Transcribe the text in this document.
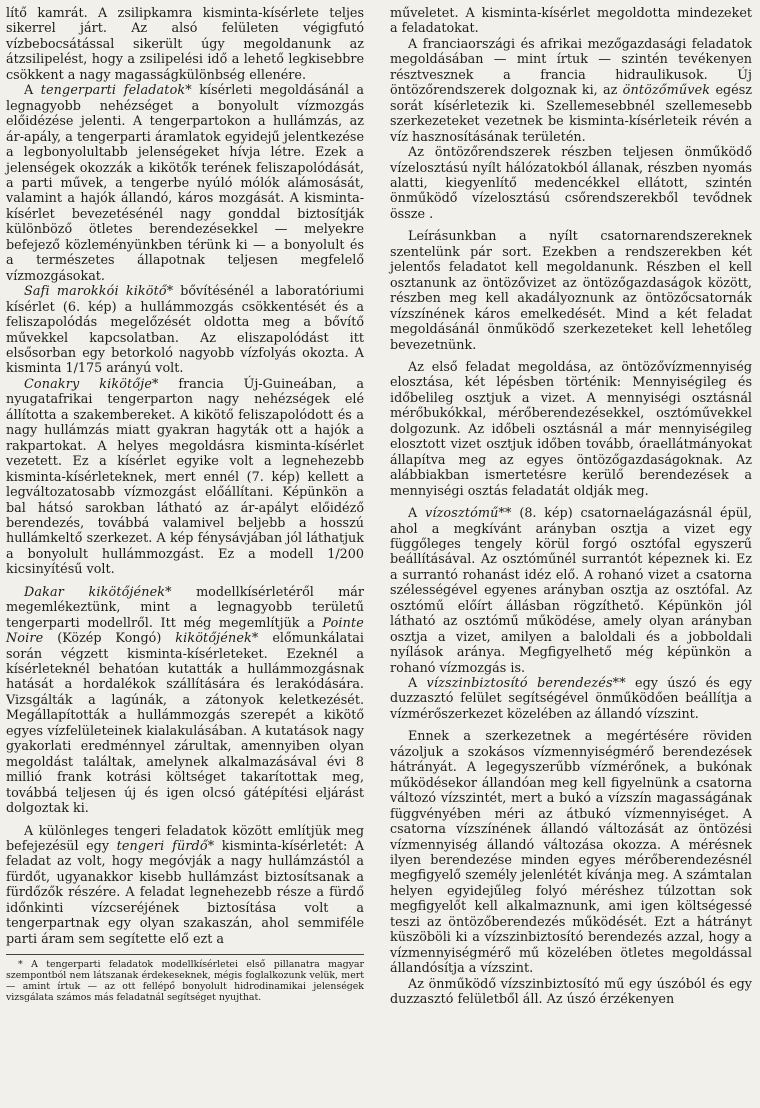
lítő kamrát. A zsilipkamra kisminta-kísérlete teljes sikerrel járt. Az alsó felületen végigfutó vízbebocsátással sikerült úgy megoldanunk az átzsilipelést, hogy a zsilipelési idő a lehető legkisebbre csökkent a nagy magasságkülönbség ellenére.

A tengerparti feladatok* kísérleti megoldásánál a legnagyobb nehézséget a bonyolult vízmozgás előidézése jelenti. A tengerpartokon a hullámzás, az ár-apály, a tengerparti áramlatok egyidejű jelentkezése a legbonyolultabb jelenségeket hívja létre. Ezek a jelenségek okozzák a kikötők terének feliszapolódását, a parti művek, a tengerbe nyúló mólók alámosását, valamint a hajók állandó, káros mozgását. A kisminta-kísérlet bevezetésénél nagy gonddal biztosítják különböző ötletes berendezésekkel — melyekre befejező közleményünkben térünk ki — a bonyolult és a természetes állapotnak teljesen megfelelő vízmozgásokat.

Safi marokkói kikötő* bővítésénél a laboratóriumi kísérlet (6. kép) a hullámmozgás csökkentését és a feliszapolódás megelőzését oldotta meg a bővítő művekkel kapcsolatban. Az eliszapolódást itt elsősorban egy betorkoló nagyobb vízfolyás okozta. A kisminta 1/175 arányú volt.

Conakry kikötője* francia Új-Guineában, a nyugatafrikai tengerparton nagy nehézségek elé állította a szakembereket. A kikötő feliszapolódott és a nagy hullámzás miatt gyakran hagyták ott a hajók a rakpartokat. A helyes megoldásra kisminta-kísérlet vezetett. Ez a kísérlet egyike volt a legnehezebb kisminta-kísérleteknek, mert ennél (7. kép) kellett a legváltozatosabb vízmozgást előállítani. Képünkön a bal hátsó sarokban látható az ár-apályt előidéző berendezés, továbbá valamivel beljebb a hosszú hullámkeltő szerkezet. A kép fénysávjában jól láthatjuk a bonyolult hullámmozgást. Ez a modell 1/200 kicsinyítésű volt.

Dakar kikötőjének* modellkísérletéről már megemlékeztünk, mint a legnagyobb területű tengerparti modellről. Itt még megemlítjük a Pointe Noire (Közép Kongó) kikötőjének* előmunkálatai során végzett kisminta-kísérleteket. Ezeknél a kísérleteknél behatóan kutatták a hullámmozgásnak hatását a hordalékok szállítására és lerakódására. Vizsgálták a lagúnák, a zátonyok keletkezését. Megállapították a hullámmozgás szerepét a kikötő egyes vízfelületeinek kialakulásában. A kutatások nagy gyakorlati eredménnyel zárultak, amennyiben olyan megoldást találtak, amelynek alkalmazásával évi 8 millió frank kotrási költséget takarítottak meg, továbbá teljesen új és igen olcsó gátépítési eljárást dolgoztak ki.

A különleges tengeri feladatok között említjük meg befejezésül egy tengeri fürdő* kisminta-kísérletét: A feladat az volt, hogy megóvják a nagy hullámzástól a fürdőt, ugyanakkor kisebb hullámzást biztosítsanak a fürdőzők részére. A feladat legnehezebb része a fürdő időnkinti vízcseréjének biztosítása volt a tengerpartnak egy olyan szakaszán, ahol semmiféle parti áram sem segítette elő ezt a

* A tengerparti feladatok modellkísérletei első pillanatra magyar szempontból nem látszanak érdekeseknek, mégis foglalkozunk velük, mert — amint írtuk — az ott fellépő bonyolult hidrodinamikai jelenségek vizsgálata számos más feladatnál segítséget nyujthat.

műveletet. A kisminta-kísérlet megoldotta mindezeket a feladatokat.

A franciaországi és afrikai mezőgazdasági feladatok megoldásában — mint írtuk — szintén tevékenyen résztvesznek a francia hidraulikusok. Új öntözőrendszerek dolgoznak ki, az öntözőművek egész sorát kísérletezik ki. Szellemesebbnél szellemesebb szerkezeteket vezetnek be kisminta-kísérleteik révén a víz hasznosításának területén.

Az öntözőrendszerek részben teljesen önműködő vízelosztású nyílt hálózatokból állanak, részben nyomás alatti, kiegyenlítő medencékkel ellátott, szintén önműködő vízelosztású csőrendszerekből tevődnek össze .

Leírásunkban a nyílt csatornarendszereknek szentelünk pár sort. Ezekben a rendszerekben két jelentős feladatot kell megoldanunk. Részben el kell osztanunk az öntözővizet az öntözőgazdaságok között, részben meg kell akadályoznunk az öntözőcsatornák vízszínének káros emelkedését. Mind a két feladat megoldásánál önműködő szerkezeteket kell lehetőleg bevezetnünk.

Az első feladat megoldása, az öntözővízmennyiség elosztása, két lépésben történik: Mennyiségileg és időbelileg osztjuk a vizet. A mennyiségi osztásnál mérőbukókkal, mérőberendezésekkel, osztóművekkel dolgozunk. Az időbeli osztásnál a már mennyiségileg elosztott vizet osztjuk időben tovább, óraellátmányokat állapítva meg az egyes öntözőgazdaságoknak. Az alábbiakban ismertetésre kerülő berendezések a mennyiségi osztás feladatát oldják meg.

A vízosztómű** (8. kép) csatornaelágazásnál épül, ahol a megkívánt arányban osztja a vizet egy függőleges tengely körül forgó osztófal egyszerű beállításával. Az osztóműnél surrantót képeznek ki. Ez a surrantó rohanást idéz elő. A rohanó vizet a csatorna szélességével egyenes arányban osztja az osztófal. Az osztómű előírt állásban rögzíthető. Képünkön jól látható az osztómű működése, amely olyan arányban osztja a vizet, amilyen a baloldali és a jobboldali nyílások aránya. Megfigyelhető még képünkön a rohanó vízmozgás is.

A vízszinbiztosító berendezés** egy úszó és egy duzzasztó felület segítségével önműködően beállítja a vízmérőszerkezet közelében az állandó vízszint.

Ennek a szerkezetnek a megértésére röviden vázoljuk a szokásos vízmennyiségmérő berendezések hátrányát. A legegyszerűbb vízmérőnek, a bukónak működésekor állandóan meg kell figyelnünk a csatorna változó vízszintét, mert a bukó a vízszín magasságának függvényében méri az átbukó vízmennyiséget. A csatorna vízszínének állandó változását az öntözési vízmennyiség állandó változása okozza. A mérésnek ilyen berendezése minden egyes mérőberendezésnél megfigyelő személy jelenlétét kívánja meg. A számtalan helyen egyidejűleg folyó méréshez túlzottan sok megfigyelőt kell alkalmaznunk, ami igen költségessé teszi az öntözőberendezés működését. Ezt a hátrányt küszöböli ki a vízszinbiztosító berendezés azzal, hogy a vízmennyiségmérő mű közelében ötletes megoldással állandósítja a vízszint.

Az önműködő vízszinbiztosító mű egy úszóból és egy duzzasztó felületből áll. Az úszó érzékenyen
